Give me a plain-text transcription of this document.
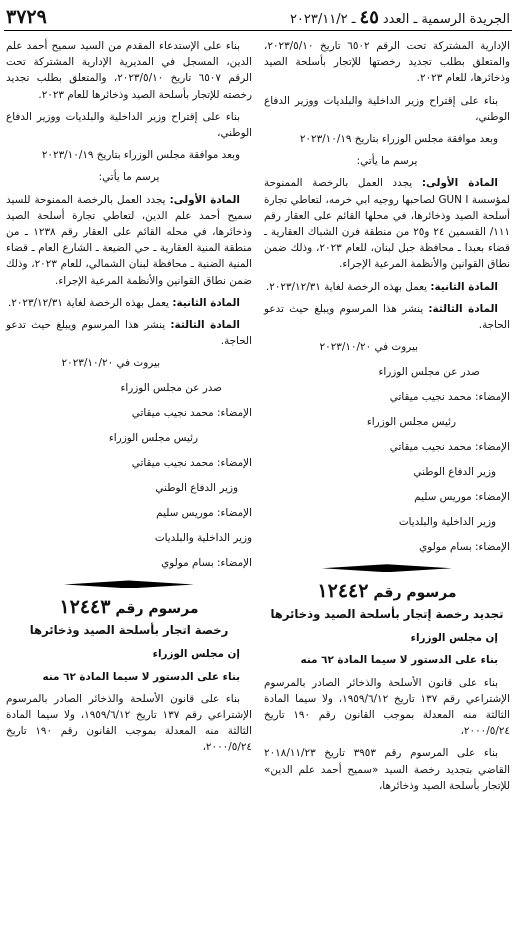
الجريدة الرسمية ـ العدد٤٥ـ ٢٠٢٣/١١/٢
٣٧٢٩

الإدارية المشتركة تحت الرقم ٦٥٠٢ تاريخ ٢٠٢٣/٥/١٠، والمتعلق بطلب تجديد رخصتها للإتجار بأسلحة الصيد وذخائرها، للعام ٢٠٢٣.

بناء على إقتراح وزير الداخلية والبلديات ووزير الدفاع الوطني،

وبعد موافقة مجلس الوزراء بتاريخ ٢٠٢٣/١٠/١٩

يرسم ما يأتي:

المادة الأولى: يجدد العمل بالرخصة الممنوحة لمؤسسة GUN I لصاحبها روجيه ابي خرمه، لتعاطي تجارة أسلحة الصيد وذخائرها، في محلها القائم على العقار رقم ١١١/ القسمين ٢٤ و٢٥ من منطقة فرن الشباك العقارية ـ قضاء بعبدا ـ محافظة جبل لبنان، للعام ٢٠٢٣، وذلك ضمن نطاق القوانين والأنظمة المرعية الإجراء.

المادة الثانية: يعمل بهذه الرخصة لغاية ٢٠٢٣/١٢/٣١.

المادة الثالثة: ينشر هذا المرسوم ويبلغ حيث تدعو الحاجة.

بيروت في ٢٠٢٣/١٠/٢٠
صدر عن مجلس الوزراء
الإمضاء: محمد نجيب ميقاتي
رئيس مجلس الوزراء
الإمضاء: محمد نجيب ميقاتي
وزير الدفاع الوطني
الإمضاء: موريس سليم
وزير الداخلية والبلديات
الإمضاء: بسام مولوي
مرسوم رقم ١٢٤٤٢
تجديد رخصة إتجار بأسلحة الصيد وذخائرها

إن مجلس الوزراء

بناء على الدستور لا سيما المادة ٦٢ منه

بناء على قانون الأسلحة والذخائر الصادر بالمرسوم الإشتراعي رقم ١٣٧ تاريخ ١٩٥٩/٦/١٢، ولا سيما المادة الثالثة منه المعدلة بموجب القانون رقم ١٩٠ تاريخ ٢٠٠٠/٥/٢٤،

بناء على المرسوم رقم ٣٩٥٣ تاريخ ٢٠١٨/١١/٢٣ القاضي بتجديد رخصة السيد «سميح أحمد علم الدين» للإتجار بأسلحة الصيد وذخائرها،

بناء على الإستدعاء المقدم من السيد سميح أحمد علم الدين، المسجل في المديرية الإدارية المشتركة تحت الرقم ٦٥٠٧ تاريخ ٢٠٢٣/٥/١٠، والمتعلق بطلب تجديد رخصته للإتجار بأسلحة الصيد وذخائرها للعام ٢٠٢٣.

بناء على إقتراح وزير الداخلية والبلديات ووزير الدفاع الوطني،

وبعد موافقة مجلس الوزراء بتاريخ ٢٠٢٣/١٠/١٩

يرسم ما يأتي:

المادة الأولى: يجدد العمل بالرخصة الممنوحة للسيد سميح أحمد علم الدين، لتعاطي تجارة أسلحة الصيد وذخائرها، في محله القائم على العقار رقم ١٢٣٨ ـ من منطقة المنية العقارية ـ حي الضيعة ـ الشارع العام ـ قضاء المنية الضنية ـ محافظة لبنان الشمالي، للعام ٢٠٢٣، وذلك ضمن نطاق القوانين والأنظمة المرعية الإجراء.

المادة الثانية: يعمل بهذه الرخصة لغاية ٢٠٢٣/١٢/٣١.

المادة الثالثة: ينشر هذا المرسوم ويبلغ حيث تدعو الحاجة.

بيروت في ٢٠٢٣/١٠/٢٠
صدر عن مجلس الوزراء
الإمضاء: محمد نجيب ميقاتي
رئيس مجلس الوزراء
الإمضاء: محمد نجيب ميقاتي
وزير الدفاع الوطني
الإمضاء: موريس سليم
وزير الداخلية والبلديات
الإمضاء: بسام مولوي
مرسوم رقم ١٢٤٤٣
رخصة اتجار بأسلحة الصيد وذخائرها

إن مجلس الوزراء

بناء على الدستور لا سيما المادة ٦٢ منه

بناء على قانون الأسلحة والذخائر الصادر بالمرسوم الإشتراعي رقم ١٣٧ تاريخ ١٩٥٩/٦/١٢، ولا سيما المادة الثالثة منه المعدلة بموجب القانون رقم ١٩٠ تاريخ ٢٠٠٠/٥/٢٤،
